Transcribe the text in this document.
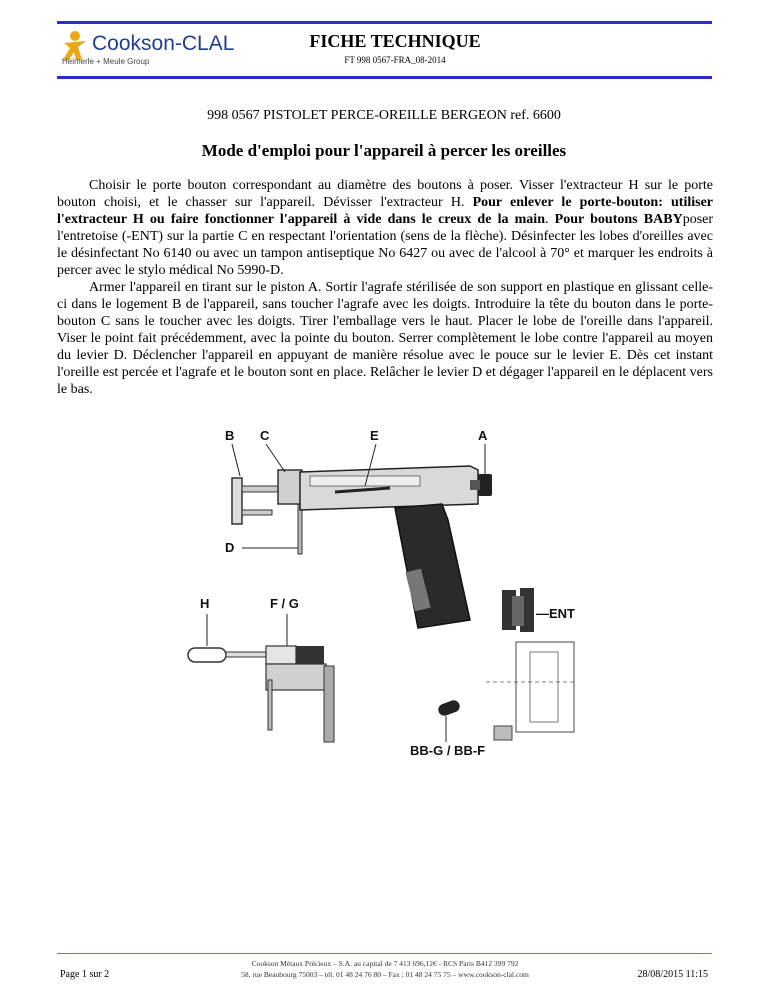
Cookson-CLAL
Heimerle + Meule Group
FICHE TECHNIQUE
FT 998 0567-FRA_08-2014
998 0567 PISTOLET PERCE-OREILLE BERGEON ref. 6600
Mode d'emploi pour l'appareil à percer les oreilles

Choisir le porte bouton correspondant au diamètre des boutons à poser. Visser l'extracteur H sur le porte bouton choisi, et le chasser sur l'appareil. Dévisser l'extracteur H. Pour enlever le porte-bouton: utiliser l'extracteur H ou faire fonctionner l'appareil à vide dans le creux de la main. Pour boutons BABYposer l'entretoise (-ENT) sur la partie C en respectant l'orientation (sens de la flèche). Désinfecter les lobes d'oreilles avec le désinfectant No 6140 ou avec un tampon antiseptique No 6427 ou avec de l'alcool à 70° et marquer les endroits à percer avec le stylo médical No 5990-D.

Armer l'appareil en tirant sur le piston A. Sortir l'agrafe stérilisée de son support en plastique en glissant celle-ci dans le logement B de l'appareil, sans toucher l'agrafe avec les doigts. Introduire la tête du bouton dans le porte-bouton C sans le toucher avec les doigts. Tirer l'emballage vers le haut. Placer le lobe de l'oreille dans l'appareil. Viser le point fait précédemment, avec la pointe du bouton. Serrer complètement le lobe contre l'appareil au moyen du levier D. Déclencher l'appareil en appuyant de manière résolue avec le pouce sur le levier E. Dès cet instant l'oreille est percée et l'agrafe et le bouton sont en place. Relâcher le levier D et dégager l'appareil en le déplacent vers le bas.

B C	E	A
D
H	F / G
—ENT
BB-G / BB-F
Page 1 sur 2
Cookson Métaux Précieux – S.A. au capital de 7 413 696,12€ - RCS Paris B412 399 792
58, rue Beaubourg 75003 – tél. 01 48 24 76 80 – Fax : 01 48 24 75 75 – www.cookson-clal.com	28/08/2015 11:15
